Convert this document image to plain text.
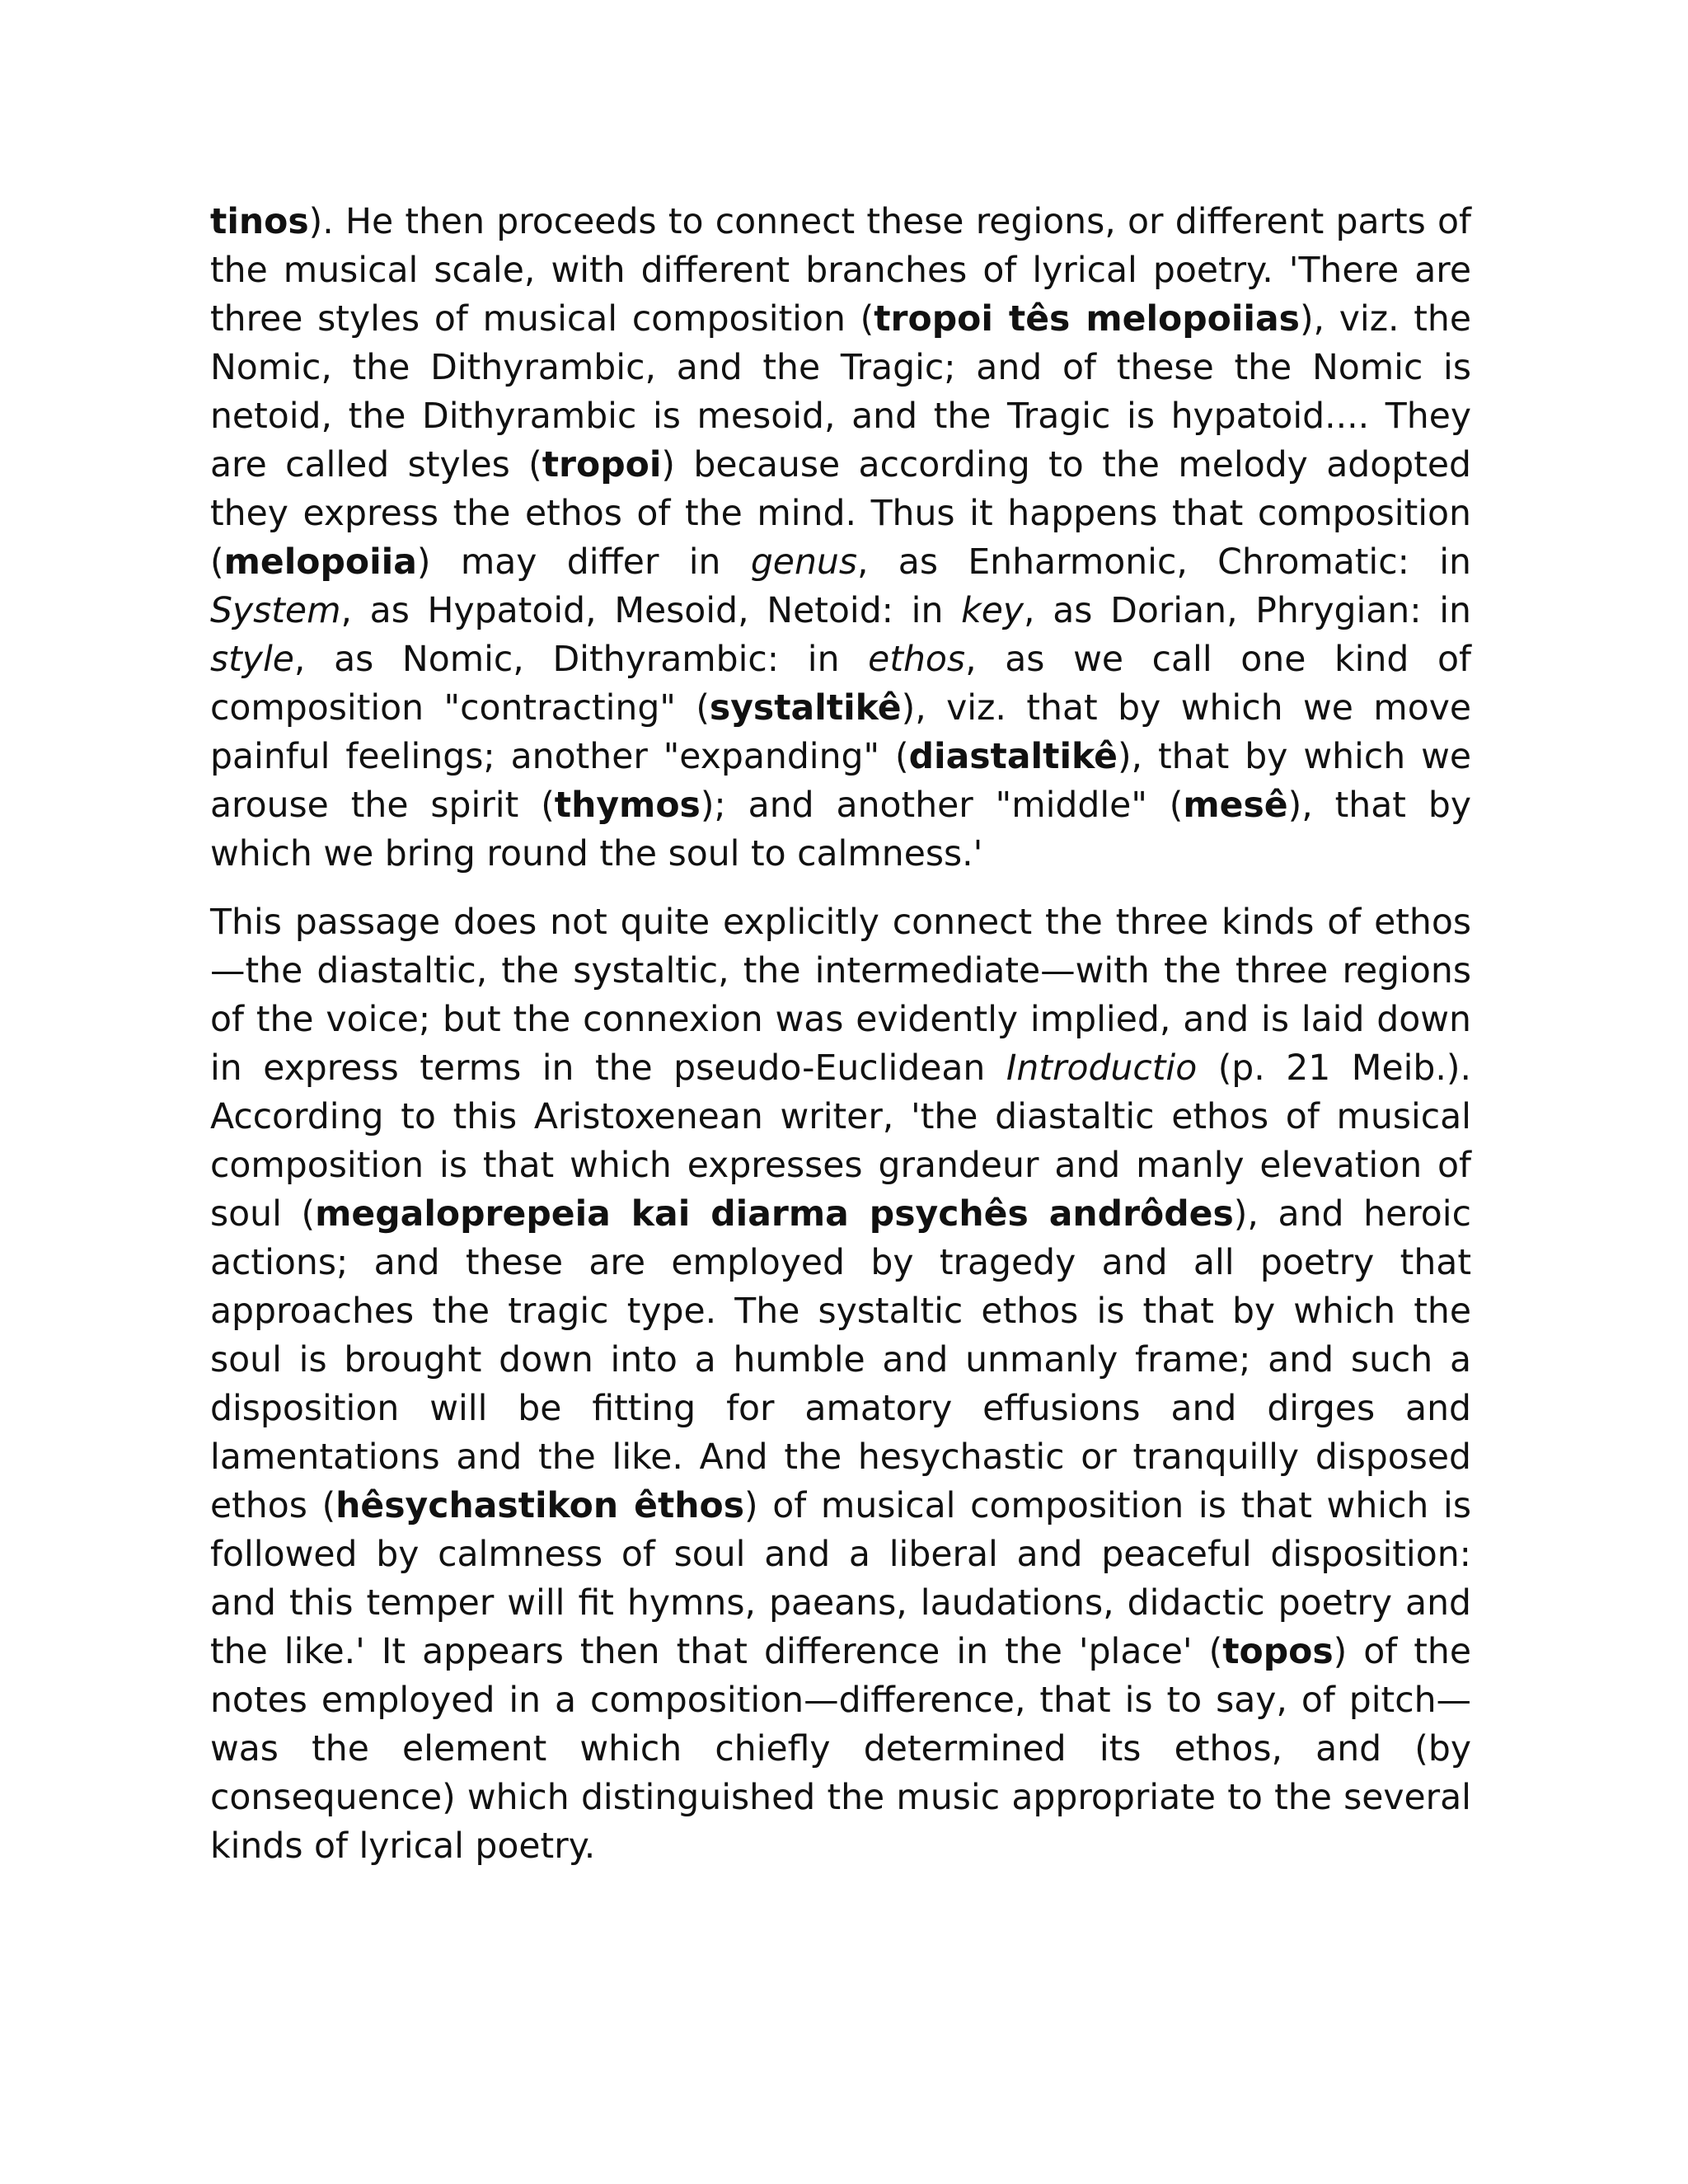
tinos). He then proceeds to connect these regions, or different parts of the musical scale, with different branches of lyrical poetry. 'There are three styles of musical composition (tropoi tês melopoiias), viz. the Nomic, the Dithyrambic, and the Tragic; and of these the Nomic is netoid, the Dithyrambic is mesoid, and the Tragic is hypatoid.... They are called styles (tropoi) because according to the melody adopted they express the ethos of the mind. Thus it happens that composition (melopoiia) may differ in genus, as Enharmonic, Chromatic: in System, as Hypatoid, Mesoid, Netoid: in key, as Dorian, Phrygian: in style, as Nomic, Dithyrambic: in ethos, as we call one kind of composition "contracting" (systaltikê), viz. that by which we move painful feelings; another "expanding" (diastaltikê), that by which we arouse the spirit (thymos); and another "middle" (mesê), that by which we bring round the soul to calmness.'

This passage does not quite explicitly connect the three kinds of ethos—the diastaltic, the systaltic, the intermediate—with the three regions of the voice; but the connexion was evidently implied, and is laid down in express terms in the pseudo-Euclidean Introductio (p. 21 Meib.). According to this Aristoxenean writer, 'the diastaltic ethos of musical composition is that which expresses grandeur and manly elevation of soul (megaloprepeia kai diarma psychês andrôdes), and heroic actions; and these are employed by tragedy and all poetry that approaches the tragic type. The systaltic ethos is that by which the soul is brought down into a humble and unmanly frame; and such a disposition will be fitting for amatory effusions and dirges and lamentations and the like. And the hesychastic or tranquilly disposed ethos (hêsychastikon êthos) of musical composition is that which is followed by calmness of soul and a liberal and peaceful disposition: and this temper will fit hymns, paeans, laudations, didactic poetry and the like.' It appears then that difference in the 'place' (topos) of the notes employed in a composition—difference, that is to say, of pitch—was the element which chiefly determined its ethos, and (by consequence) which distinguished the music appropriate to the several kinds of lyrical poetry.
